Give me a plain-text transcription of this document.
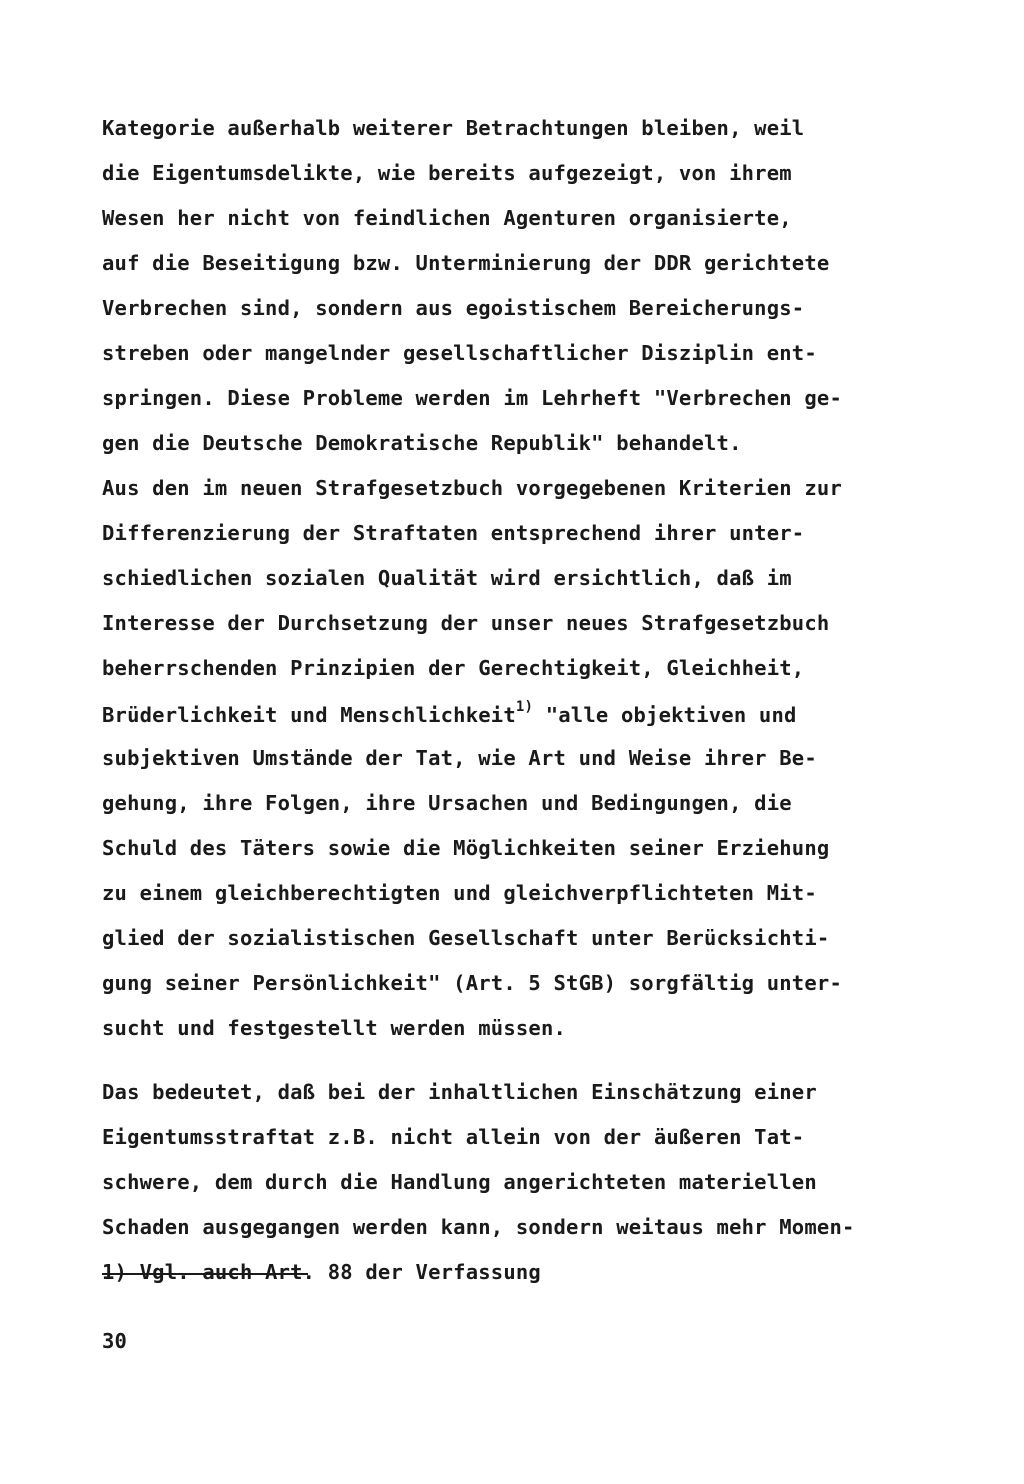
Kategorie außerhalb weiterer Betrachtungen bleiben, weil
die Eigentumsdelikte, wie bereits aufgezeigt, von ihrem
Wesen her nicht von feindlichen Agenturen organisierte,
auf die Beseitigung bzw. Unterminierung der DDR gerichtete
Verbrechen sind, sondern aus egoistischem Bereicherungs-
streben oder mangelnder gesellschaftlicher Disziplin ent-
springen. Diese Probleme werden im Lehrheft "Verbrechen ge-
gen die Deutsche Demokratische Republik" behandelt.
Aus den im neuen Strafgesetzbuch vorgegebenen Kriterien zur
Differenzierung der Straftaten entsprechend ihrer unter-
schiedlichen sozialen Qualität wird ersichtlich, daß im
Interesse der Durchsetzung der unser neues Strafgesetzbuch
beherrschenden Prinzipien der Gerechtigkeit, Gleichheit,
Brüderlichkeit und Menschlichkeit$^{1)}$ "alle objektiven und
subjektiven Umstände der Tat, wie Art und Weise ihrer Be-
gehung, ihre Folgen, ihre Ursachen und Bedingungen, die
Schuld des Täters sowie die Möglichkeiten seiner Erziehung
zu einem gleichberechtigten und gleichverpflichteten Mit-
glied der sozialistischen Gesellschaft unter Berücksichti-
gung seiner Persönlichkeit" (Art. 5 StGB) sorgfältig unter-
sucht und festgestellt werden müssen.
Das bedeutet, daß bei der inhaltlichen Einschätzung einer
Eigentumsstraftat z.B. nicht allein von der äußeren Tat-
schwere, dem durch die Handlung angerichteten materiellen
Schaden ausgegangen werden kann, sondern weitaus mehr Momen-
1) Vgl. auch Art. 88 der Verfassung
30
